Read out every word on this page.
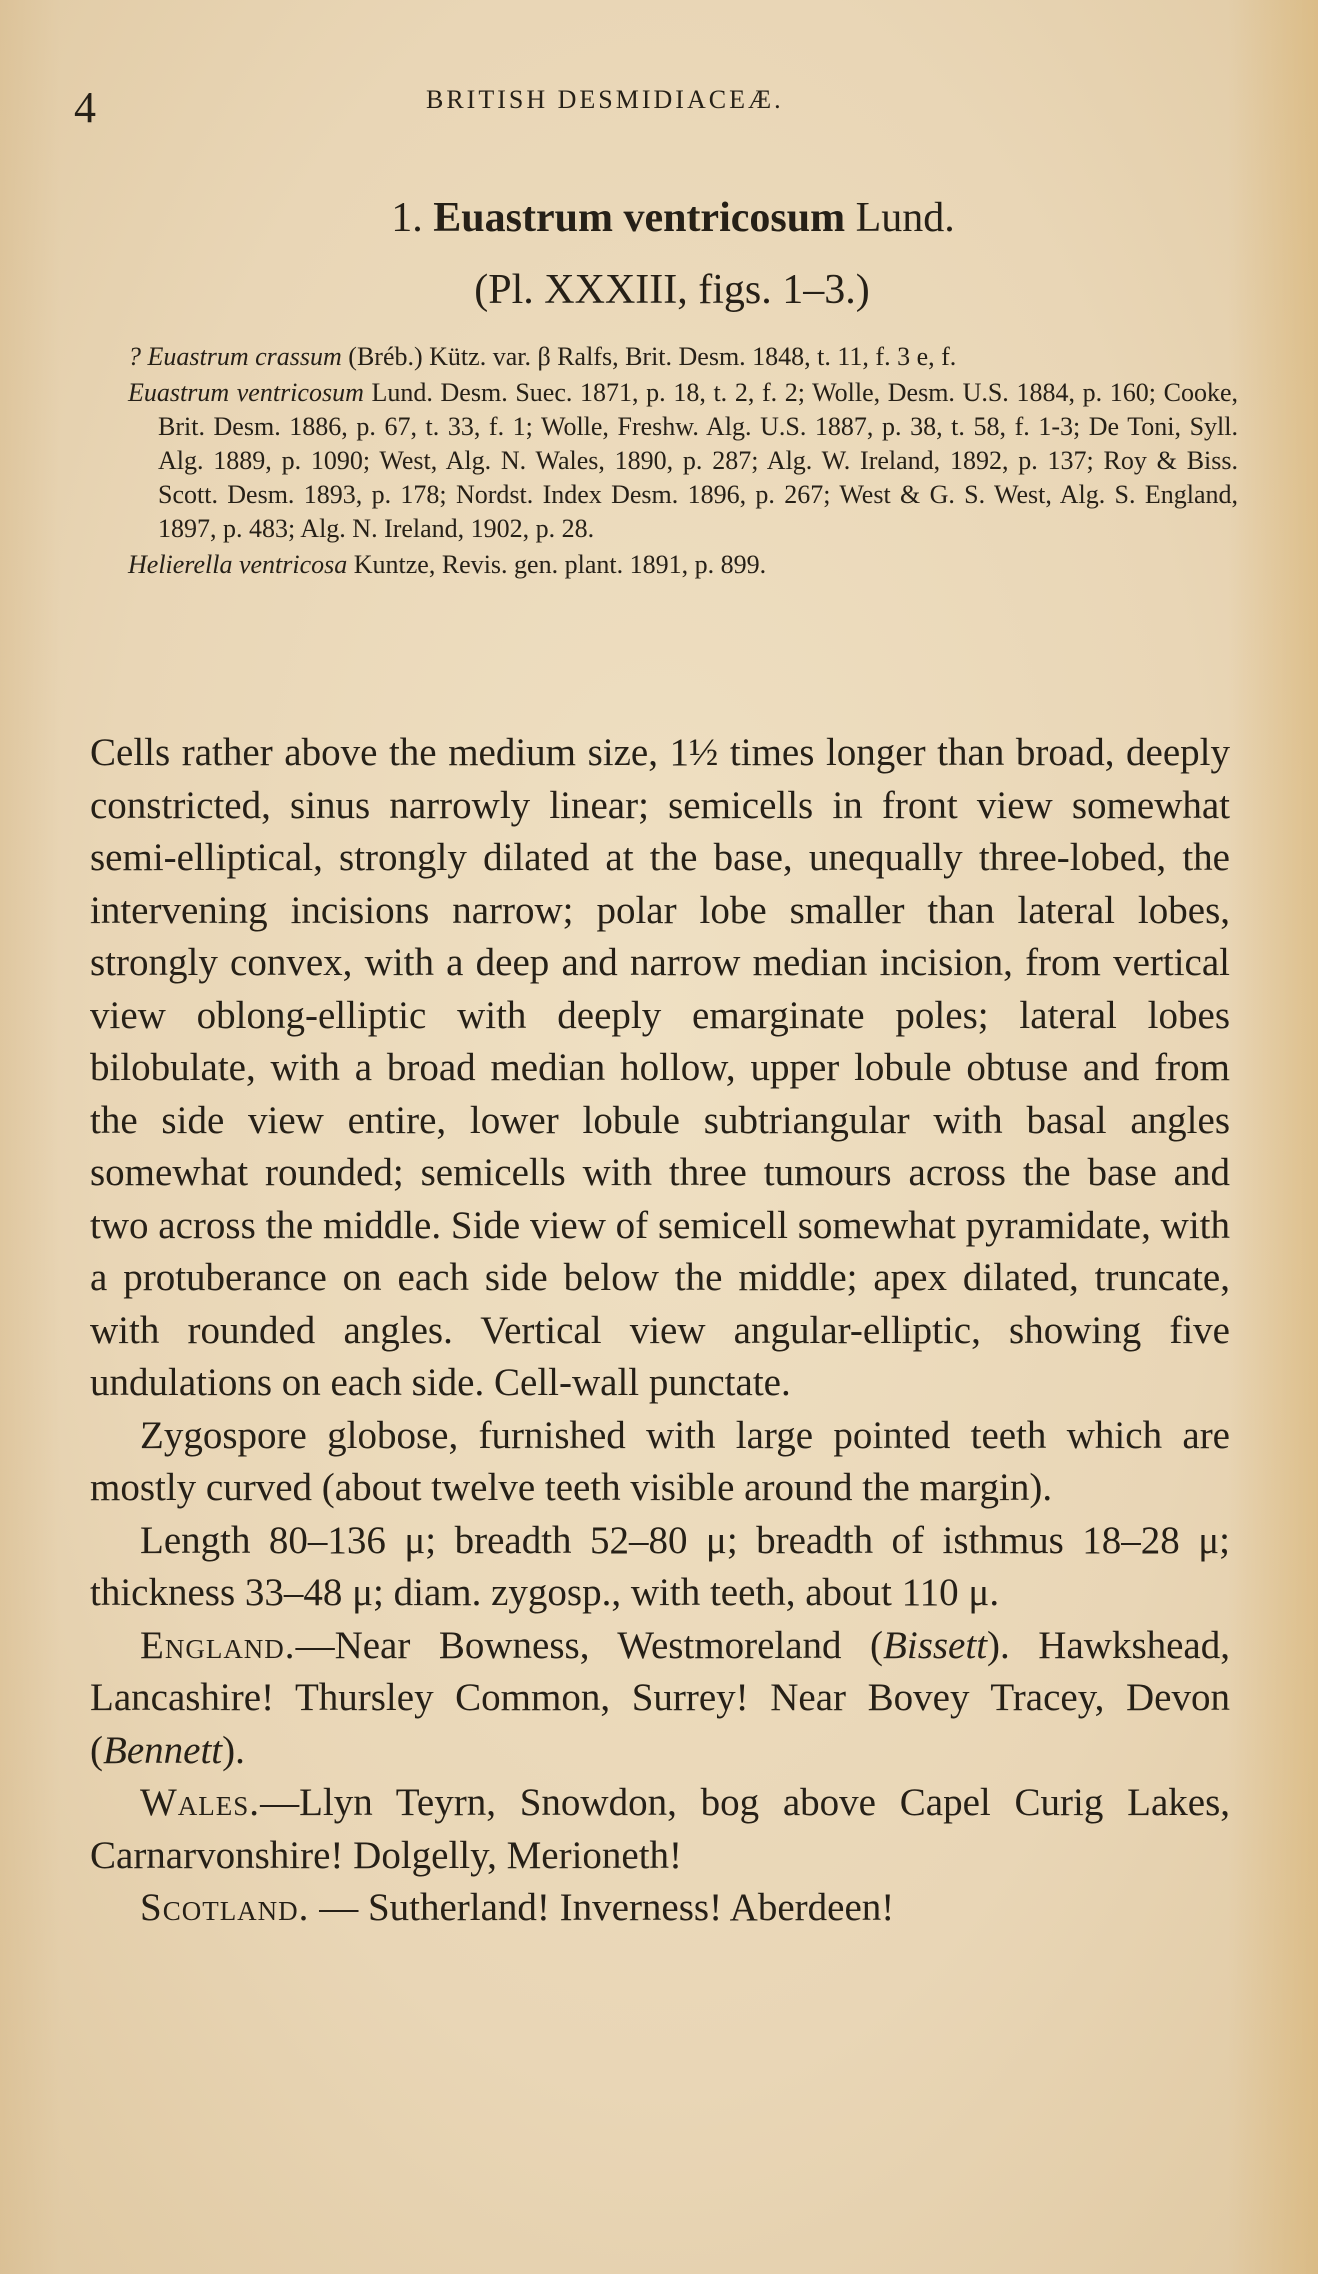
4	BRITISH DESMIDIACEÆ.
1. Euastrum ventricosum Lund.
(Pl. XXXIII, figs. 1–3.)

? Euastrum crassum (Bréb.) Kütz. var. β Ralfs, Brit. Desm. 1848, t. 11, f. 3 e, f.

Euastrum ventricosum Lund. Desm. Suec. 1871, p. 18, t. 2, f. 2; Wolle, Desm. U.S. 1884, p. 160; Cooke, Brit. Desm. 1886, p. 67, t. 33, f. 1; Wolle, Freshw. Alg. U.S. 1887, p. 38, t. 58, f. 1-3; De Toni, Syll. Alg. 1889, p. 1090; West, Alg. N. Wales, 1890, p. 287; Alg. W. Ireland, 1892, p. 137; Roy & Biss. Scott. Desm. 1893, p. 178; Nordst. Index Desm. 1896, p. 267; West & G. S. West, Alg. S. England, 1897, p. 483; Alg. N. Ireland, 1902, p. 28.

Helierella ventricosa Kuntze, Revis. gen. plant. 1891, p. 899.

Cells rather above the medium size, 1½ times longer than broad, deeply constricted, sinus narrowly linear; semicells in front view somewhat semi-elliptical, strongly dilated at the base, unequally three-lobed, the intervening incisions narrow; polar lobe smaller than lateral lobes, strongly convex, with a deep and narrow median incision, from vertical view oblong-elliptic with deeply emarginate poles; lateral lobes bilobulate, with a broad median hollow, upper lobule obtuse and from the side view entire, lower lobule subtriangular with basal angles somewhat rounded; semicells with three tumours across the base and two across the middle. Side view of semicell somewhat pyramidate, with a protuberance on each side below the middle; apex dilated, truncate, with rounded angles. Vertical view angular-elliptic, showing five undulations on each side. Cell-wall punctate.

Zygospore globose, furnished with large pointed teeth which are mostly curved (about twelve teeth visible around the margin).

Length 80–136 μ; breadth 52–80 μ; breadth of isthmus 18–28 μ; thickness 33–48 μ; diam. zygosp., with teeth, about 110 μ.

England.—Near Bowness, Westmoreland (Bissett). Hawkshead, Lancashire! Thursley Common, Surrey! Near Bovey Tracey, Devon (Bennett).

Wales.—Llyn Teyrn, Snowdon, bog above Capel Curig Lakes, Carnarvonshire! Dolgelly, Merioneth!

Scotland. — Sutherland! Inverness! Aberdeen!
